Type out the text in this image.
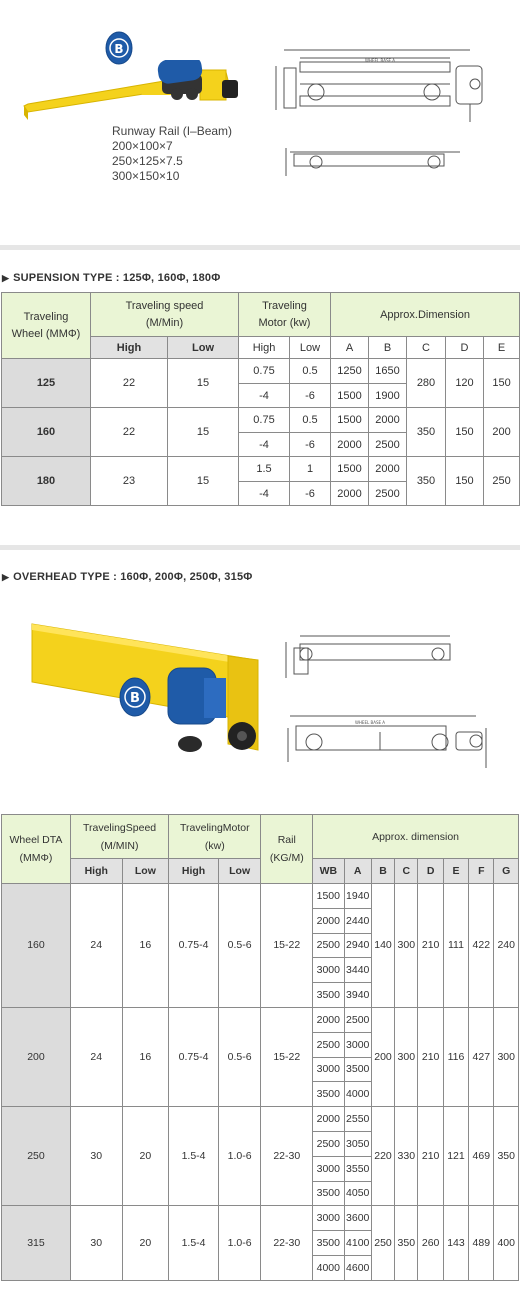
B
Runway Rail (I–Beam)
200×100×7
250×125×7.5
300×150×10
WHEEL BASE A
▶ SUPENSION TYPE : 125Φ, 160Φ, 180Φ
Traveling Wheel (MMΦ)	Traveling speed (M/Min)		Traveling Motor (kw)		Approx.Dimension				
	High	Low	High	Low	A	B	C	D	E
125	22	15	0.75	0.5	1250	1650	280	120	150
			-4	-6	1500	1900			
160	22	15	0.75	0.5	1500	2000	350	150	200
			-4	-6	2000	2500			
180	23	15	1.5	1	1500	2000	350	150	250
			-4	-6	2000	2500			
▶ OVERHEAD TYPE : 160Φ, 200Φ, 250Φ, 315Φ
B
WHEEL BASE A
Wheel DTA (MMΦ)	TravelingSpeed (M/MIN)		TravelingMotor (kw)		Rail (KG/M)	Approx. dimension							
	High	Low	High	Low		WB	A	B	C	D	E	F	G
160	24	16	0.75-4	0.5-6	15-22	1500	1940	140	300	210	111	422	240
						2000	2440						
						2500	2940						
						3000	3440						
						3500	3940						
200	24	16	0.75-4	0.5-6	15-22	2000	2500	200	300	210	116	427	300
						2500	3000						
						3000	3500						
						3500	4000						
250	30	20	1.5-4	1.0-6	22-30	2000	2550	220	330	210	121	469	350
						2500	3050						
						3000	3550						
						3500	4050						
315	30	20	1.5-4	1.0-6	22-30	3000	3600	250	350	260	143	489	400
						3500	4100						
						4000	4600						
